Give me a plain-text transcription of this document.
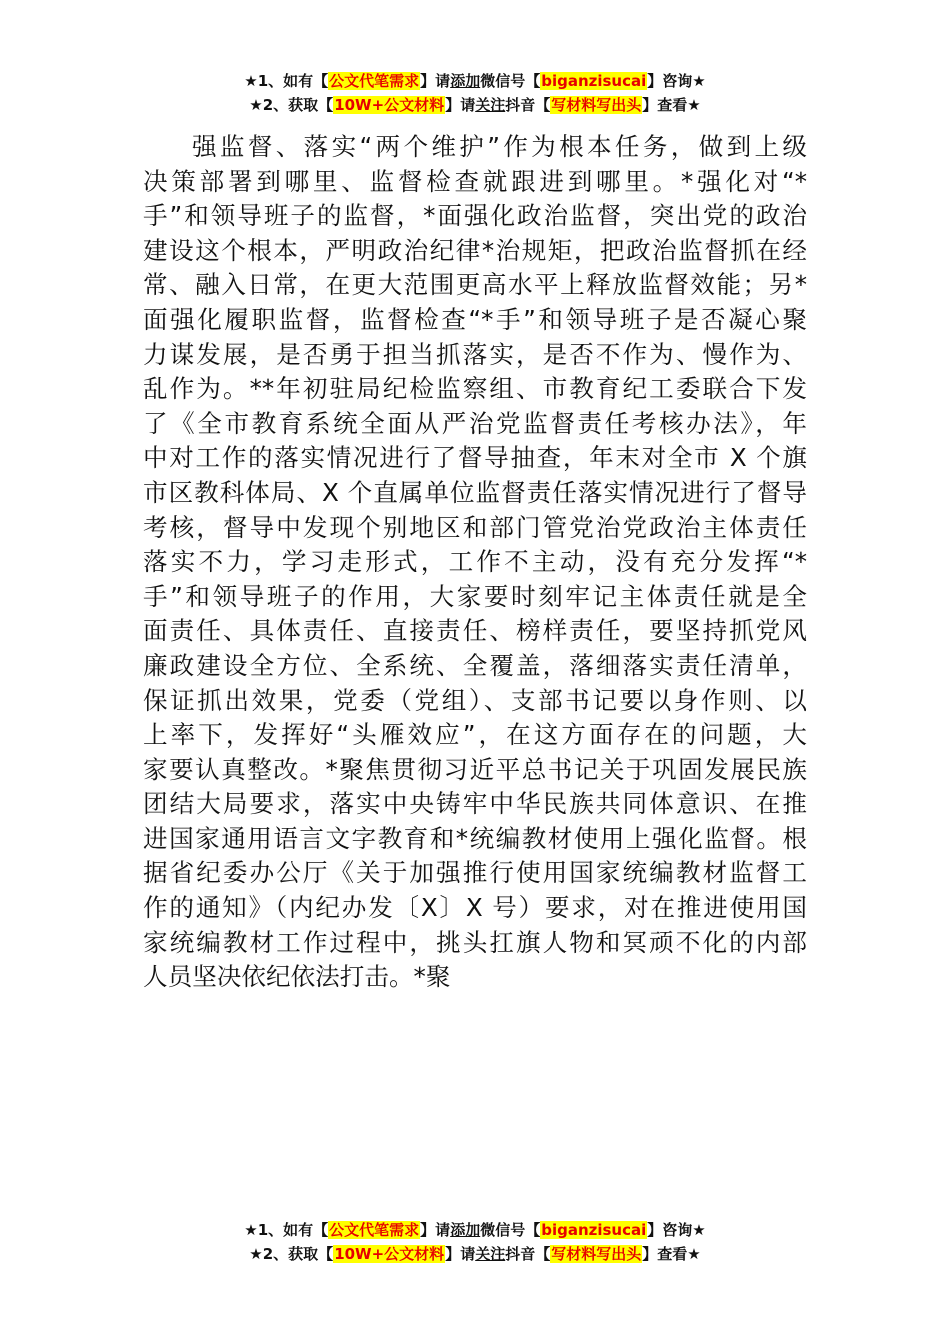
★1、如有【公文代笔需求】请添加微信号【biganzisucai】咨询★
★2、获取【10W+公文材料】请关注抖音【写材料写出头】查看★
强监督、落实“两个维护”作为根本任务，做到上级
决策部署到哪里、监督检查就跟进到哪里。*强化对“*
手”和领导班子的监督，*面强化政治监督，突出党的政治
建设这个根本，严明政治纪律*治规矩，把政治监督抓在经
常、融入日常，在更大范围更高水平上释放监督效能；另*
面强化履职监督，监督检查“*手”和领导班子是否凝心聚
力谋发展，是否勇于担当抓落实，是否不作为、慢作为、
乱作为。**年初驻局纪检监察组、市教育纪工委联合下发
了《全市教育系统全面从严治党监督责任考核办法》，年
中对工作的落实情况进行了督导抽查，年末对全市 X 个旗
市区教科体局、X 个直属单位监督责任落实情况进行了督导
考核，督导中发现个别地区和部门管党治党政治主体责任
落实不力，学习走形式，工作不主动，没有充分发挥“*
手”和领导班子的作用，大家要时刻牢记主体责任就是全
面责任、具体责任、直接责任、榜样责任，要坚持抓党风
廉政建设全方位、全系统、全覆盖，落细落实责任清单，
保证抓出效果，党委（党组）、支部书记要以身作则、以
上率下，发挥好“头雁效应”，在这方面存在的问题，大
家要认真整改。*聚焦贯彻习近平总书记关于巩固发展民族
团结大局要求，落实中央铸牢中华民族共同体意识、在推
进国家通用语言文字教育和*统编教材使用上强化监督。根
据省纪委办公厅《关于加强推行使用国家统编教材监督工
作的通知》（内纪办发〔X〕X 号）要求，对在推进使用国
家统编教材工作过程中，挑头扛旗人物和冥顽不化的内部
人员坚决依纪依法打击。*聚
★1、如有【公文代笔需求】请添加微信号【biganzisucai】咨询★
★2、获取【10W+公文材料】请关注抖音【写材料写出头】查看★
